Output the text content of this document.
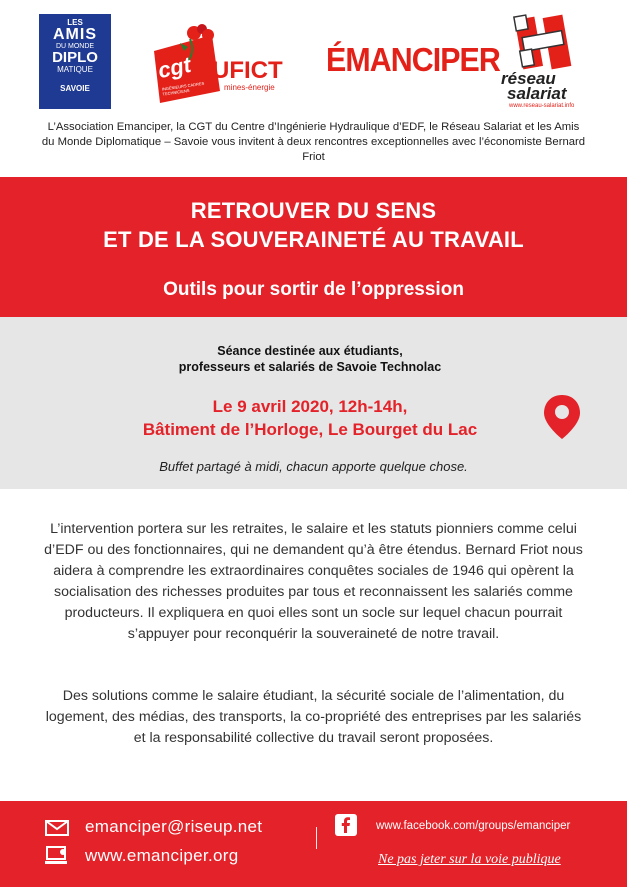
LES
AMIS
DU MONDE
DIPLO
MATIQUE
SAVOIE
cgt UFICT
mines-énergie
INGÉNIEURS CADRES TECHNICIENS
ÉMANCIPER
réseau
salariat
www.reseau-salariat.info
L’Association Emanciper, la CGT du Centre d’Ingénierie Hydraulique d’EDF, le Réseau Salariat et les Amis du Monde Diplomatique – Savoie vous invitent à deux rencontres exceptionnelles avec l’économiste Bernard Friot
RETROUVER DU SENS
ET DE LA SOUVERAINETÉ AU TRAVAIL
Outils pour sortir de l’oppression
Séance destinée aux étudiants,
professeurs et salariés de Savoie Technolac
Le 9 avril 2020, 12h-14h,
Bâtiment de l’Horloge, Le Bourget du Lac
Buffet partagé à midi, chacun apporte quelque chose.
L’intervention portera sur les retraites, le salaire et les statuts pionniers comme celui d’EDF ou des fonctionnaires, qui ne demandent qu’à être étendus. Bernard Friot nous aidera à comprendre les extraordinaires conquêtes sociales de 1946 qui opèrent la socialisation des richesses produites par tous et reconnaissent les salariés comme producteurs. Il expliquera en quoi elles sont un socle sur lequel chacun pourrait s’appuyer pour reconquérir la souveraineté de notre travail.
Des solutions comme le salaire étudiant, la sécurité sociale de l’alimentation, du logement, des médias, des transports, la co-propriété des entreprises par les salariés et la responsabilité collective du travail seront proposées.
emanciper@riseup.net
www.emanciper.org
www.facebook.com/groups/emanciper
Ne pas jeter sur la voie publique
